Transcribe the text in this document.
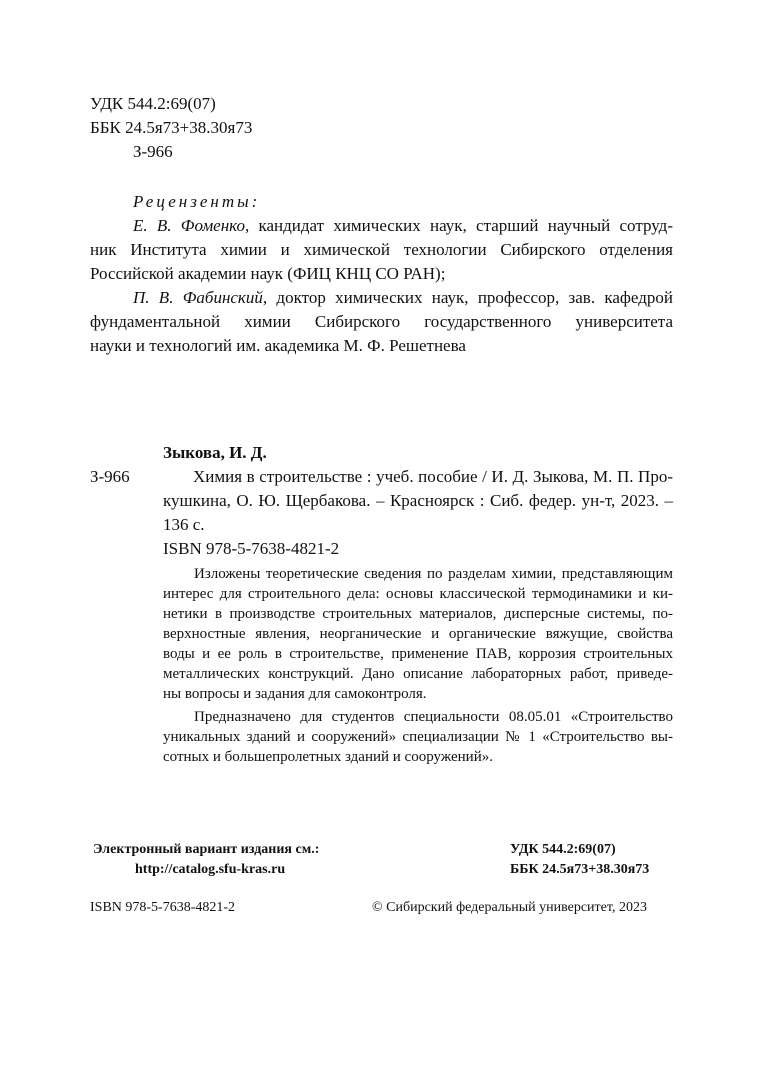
УДК 544.2:69(07)
ББК 24.5я73+38.30я73
З-966
Рецензенты:
Е. В. Фоменко, кандидат химических наук, старший научный сотруд-
ник Института химии и химической технологии Сибирского отделения
Российской академии наук (ФИЦ КНЦ СО РАН);
П. В. Фабинский, доктор химических наук, профессор, зав. кафедрой
фундаментальной химии Сибирского государственного университета
науки и технологий им. академика М. Ф. Решетнева
Зыкова, И. Д.
З-966	Химия в строительстве : учеб. пособие / И. Д. Зыкова, М. П. Про-
кушкина, О. Ю. Щербакова. – Красноярск : Сиб. федер. ун-т, 2023. –
136 с.
ISBN 978-5-7638-4821-2
Изложены теоретические сведения по разделам химии, представляющим
интерес для строительного дела: основы классической термодинамики и ки-
нетики в производстве строительных материалов, дисперсные системы, по-
верхностные явления, неорганические и органические вяжущие, свойства
воды и ее роль в строительстве, применение ПАВ, коррозия строительных
металлических конструкций. Дано описание лабораторных работ, приведе-
ны вопросы и задания для самоконтроля.
Предназначено для студентов специальности 08.05.01 «Строительство
уникальных зданий и сооружений» специализации № 1 «Строительство вы-
сотных и большепролетных зданий и сооружений».
Электронный вариант издания см.:
http://catalog.sfu-kras.ru
УДК 544.2:69(07)
ББК 24.5я73+38.30я73
ISBN 978-5-7638-4821-2	© Сибирский федеральный университет, 2023
